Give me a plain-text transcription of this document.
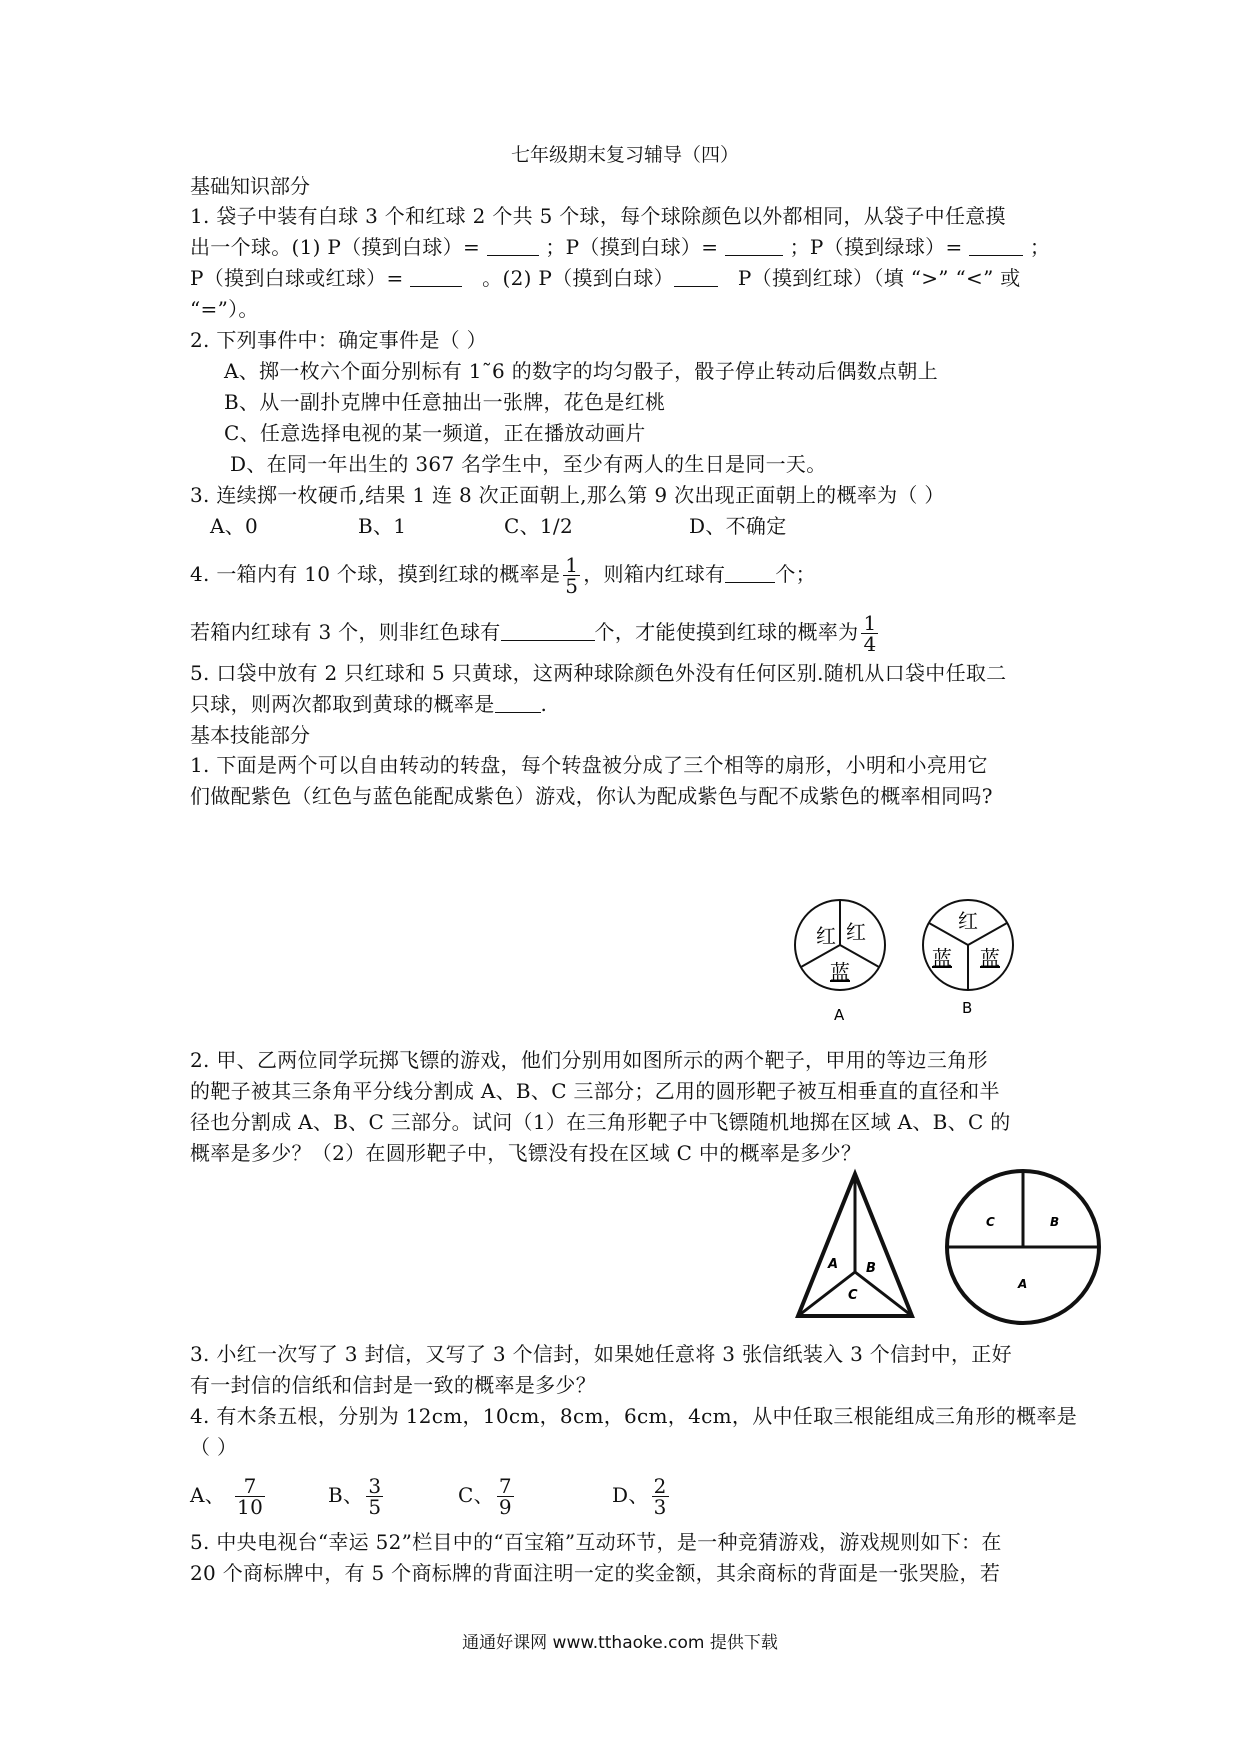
七年级期末复习辅导（四）
基础知识部分
1. 袋子中装有白球 3 个和红球 2 个共 5 个球，每个球除颜色以外都相同，从袋子中任意摸
出一个球。(1) P（摸到白球）=	；P（摸到白球）=	；P（摸到绿球）=	；
P（摸到白球或红球）=	。(2) P（摸到白球）	P（摸到红球）（填 “>” “<” 或
“=”）。
2. 下列事件中：确定事件是（ ）
A、掷一枚六个面分别标有 1˜6 的数字的均匀骰子，骰子停止转动后偶数点朝上
B、从一副扑克牌中任意抽出一张牌，花色是红桃
C、任意选择电视的某一频道，正在播放动画片
D、在同一年出生的 367 名学生中，至少有两人的生日是同一天。
3. 连续掷一枚硬币,结果 1 连 8 次正面朝上,那么第 9 次出现正面朝上的概率为（ ）
A、0	B、1	C、1/2	D、不确定
4. 一箱内有 10 个球，摸到红球的概率是 $\frac{1}{5}$ ，则箱内红球有	个；
若箱内红球有 3 个，则非红色球有	个，才能使摸到红球的概率为 $\frac{1}{4}$
5. 口袋中放有 2 只红球和 5 只黄球，这两种球除颜色外没有任何区别.随机从口袋中任取二
只球，则两次都取到黄球的概率是 .
基本技能部分
1. 下面是两个可以自由转动的转盘，每个转盘被分成了三个相等的扇形，小明和小亮用它
们做配紫色（红色与蓝色能配成紫色）游戏，你认为配成紫色与配不成紫色的概率相同吗?
红 红
蓝
A
红
蓝 蓝
B
2. 甲、乙两位同学玩掷飞镖的游戏，他们分别用如图所示的两个靶子，甲用的等边三角形
的靶子被其三条角平分线分割成 A、B、C 三部分；乙用的圆形靶子被互相垂直的直径和半
径也分割成 A、B、C 三部分。试问（1）在三角形靶子中飞镖随机地掷在区域 A、B、C 的
概率是多少？（2）在圆形靶子中，飞镖没有投在区域 C 中的概率是多少？
A B
C
C	B
A
3. 小红一次写了 3 封信，又写了 3 个信封，如果她任意将 3 张信纸装入 3 个信封中，正好
有一封信的信纸和信封是一致的概率是多少？
4. 有木条五根，分别为 12cm，10cm，8cm，6cm，4cm，从中任取三根能组成三角形的概率是
（ ）
A、 $\frac{7}{10}$	B、 $\frac{3}{5}$	C、 $\frac{7}{9}$	D、 $\frac{2}{3}$
5. 中央电视台“幸运 52”栏目中的“百宝箱”互动环节，是一种竞猜游戏，游戏规则如下：在
20 个商标牌中，有 5 个商标牌的背面注明一定的奖金额，其余商标的背面是一张哭脸，若
通通好课网 www.tthaoke.com 提供下载
